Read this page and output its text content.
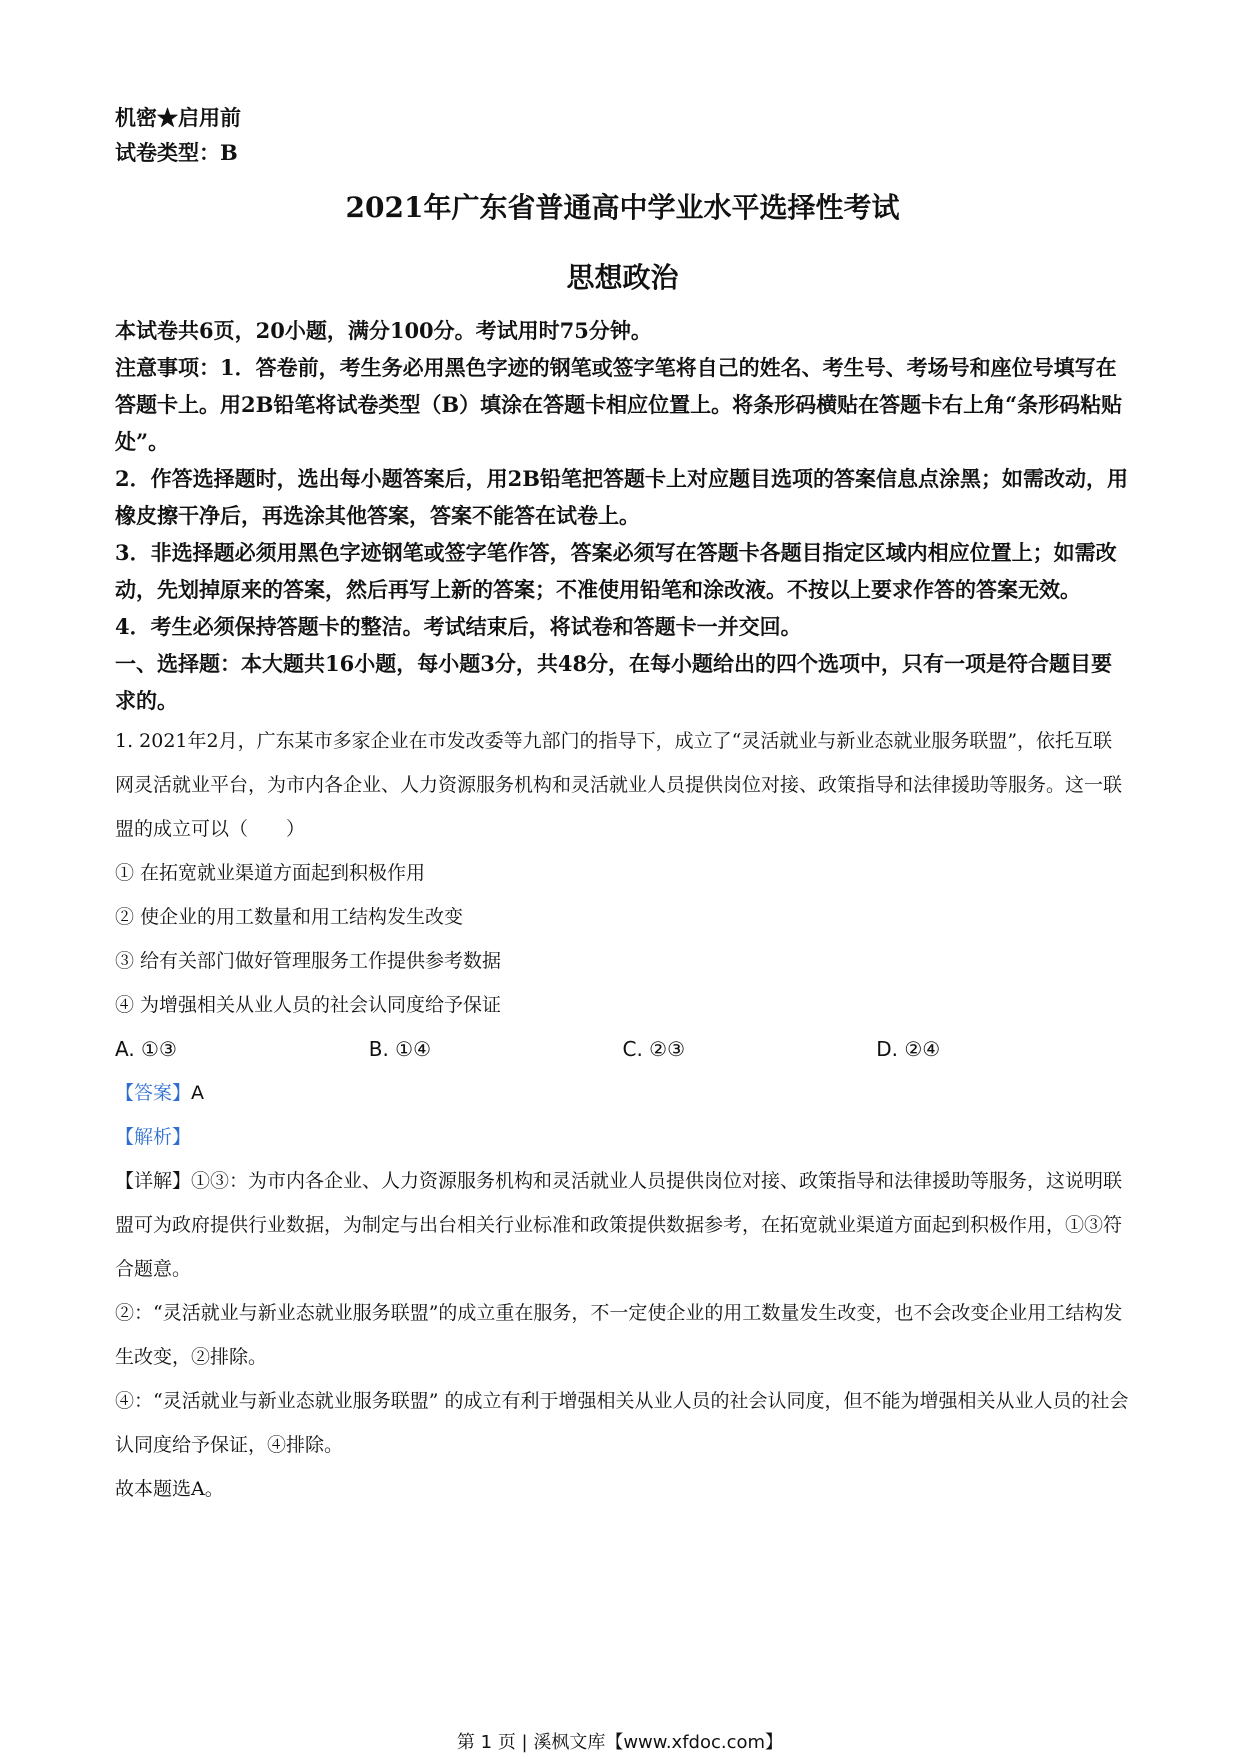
机密★启用前
试卷类型：B
2021年广东省普通高中学业水平选择性考试
思想政治

本试卷共6页，20小题，满分100分。考试用时75分钟。

注意事项：1．答卷前，考生务必用黑色字迹的钢笔或签字笔将自己的姓名、考生号、考场号和座位号填写在答题卡上。用2B铅笔将试卷类型（B）填涂在答题卡相应位置上。将条形码横贴在答题卡右上角“条形码粘贴处”。

2．作答选择题时，选出每小题答案后，用2B铅笔把答题卡上对应题目选项的答案信息点涂黑；如需改动，用橡皮擦干净后，再选涂其他答案，答案不能答在试卷上。

3．非选择题必须用黑色字迹钢笔或签字笔作答，答案必须写在答题卡各题目指定区域内相应位置上；如需改动，先划掉原来的答案，然后再写上新的答案；不准使用铅笔和涂改液。不按以上要求作答的答案无效。

4．考生必须保持答题卡的整洁。考试结束后，将试卷和答题卡一并交回。

一、选择题：本大题共16小题，每小题3分，共48分，在每小题给出的四个选项中，只有一项是符合题目要求的。

1. 2021年2月，广东某市多家企业在市发改委等九部门的指导下，成立了“灵活就业与新业态就业服务联盟”，依托互联网灵活就业平台，为市内各企业、人力资源服务机构和灵活就业人员提供岗位对接、政策指导和法律援助等服务。这一联盟的成立可以（　　）

① 在拓宽就业渠道方面起到积极作用

② 使企业的用工数量和用工结构发生改变

③ 给有关部门做好管理服务工作提供参考数据

④ 为增强相关从业人员的社会认同度给予保证

A. ①③	B. ①④	C. ②③	D. ②④
【答案】A
【解析】

【详解】①③：为市内各企业、人力资源服务机构和灵活就业人员提供岗位对接、政策指导和法律援助等服务，这说明联盟可为政府提供行业数据，为制定与出台相关行业标准和政策提供数据参考，在拓宽就业渠道方面起到积极作用，①③符合题意。

②：“灵活就业与新业态就业服务联盟”的成立重在服务，不一定使企业的用工数量发生改变，也不会改变企业用工结构发生改变，②排除。

④：“灵活就业与新业态就业服务联盟” 的成立有利于增强相关从业人员的社会认同度，但不能为增强相关从业人员的社会认同度给予保证，④排除。

故本题选A。

第 1 页 | 溪枫文库【www.xfdoc.com】
